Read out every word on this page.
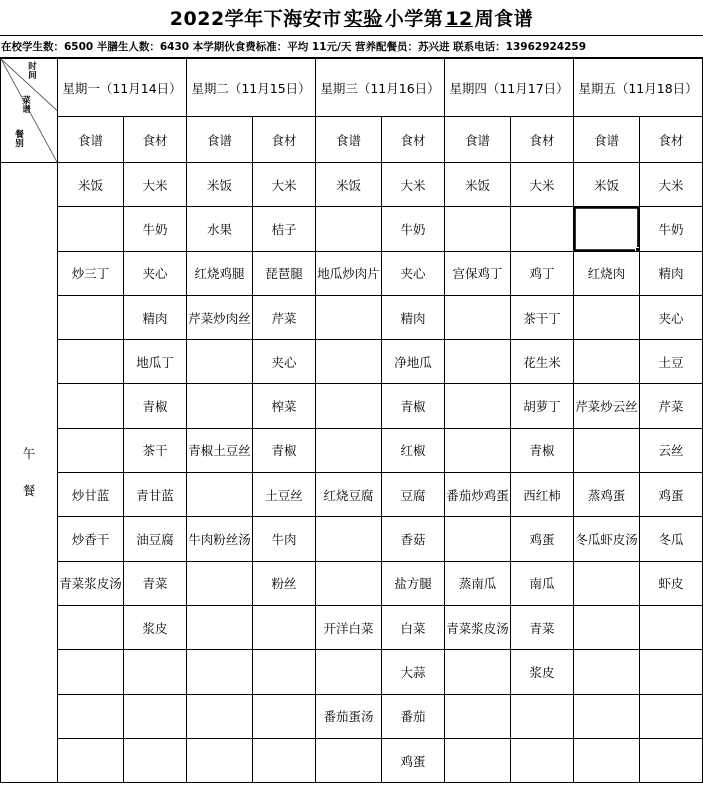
2022学年下海安市 实验 小学第 12 周食谱
在校学生数：6500 半膳生人数：6430 本学期伙食费标准：平均 11元/天 营养配餐员：苏兴进 联系电话：13962924259
时间
菜谱
餐别	星期一（11月14日）		星期二（11月15日）		星期三（11月16日）		星期四（11月17日）		星期五（11月18日）	
	食谱	食材	食谱	食材	食谱	食材	食谱	食材	食谱	食材

午
餐	米饭	大米	米饭	大米	米饭	大米	米饭	大米	米饭	大米
		牛奶	水果	桔子		牛奶				牛奶
	炒三丁	夹心	红烧鸡腿	琵琶腿	地瓜炒肉片	夹心	宫保鸡丁	鸡丁	红烧肉	精肉
		精肉	芹菜炒肉丝	芹菜		精肉		茶干丁		夹心
		地瓜丁		夹心		净地瓜		花生米		土豆
		青椒		榨菜		青椒		胡萝丁	芹菜炒云丝	芹菜
		茶干	青椒土豆丝	青椒		红椒		青椒		云丝
	炒甘蓝	青甘蓝		土豆丝	红烧豆腐	豆腐	番茄炒鸡蛋	西红柿	蒸鸡蛋	鸡蛋
	炒香干	油豆腐	牛肉粉丝汤	牛肉		香菇		鸡蛋	冬瓜虾皮汤	冬瓜
	青菜浆皮汤	青菜		粉丝		盐方腿	蒸南瓜	南瓜		虾皮
		浆皮			开洋白菜	白菜	青菜浆皮汤	青菜		
						大蒜		浆皮		
					番茄蛋汤	番茄				
						鸡蛋				
